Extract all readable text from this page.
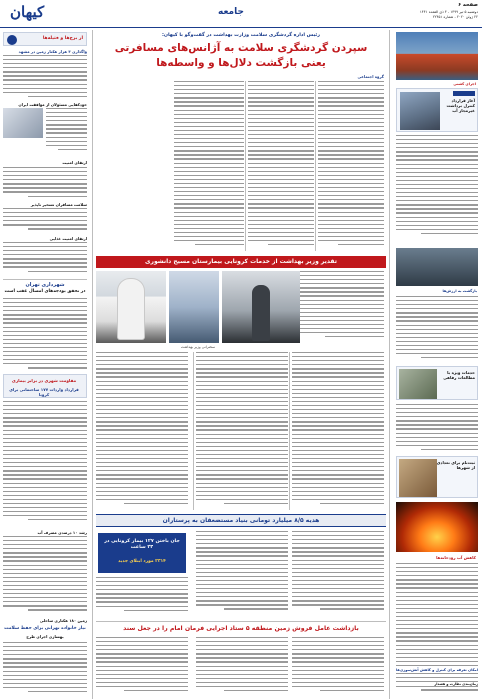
صفحه ۶
دوشنبه ۵ تیر ۱۳۹۹ - ۴ ذی القعده ۱۴۴۱
۲۲ ژوئن ۲۰۲۰ - شماره ۲۲۴۵۱
جامعه
کیهان
اجرای کشتی
آغاز قرارداد کنترل برداشت غیرمجاز آب
بازگشت به ارزش‌ها
خدمات ویژه با مطالعات رفاهی
ثبت‌نام برای تعدادی از شهرها
کاهش آب رودخانه‌ها
از برج‌ها و فتیله‌ها
واگذاری ۳ هزار هکتار زمین در مشهد
خودکفایی مسئولان از موافقت ایران
ارتقای امنیت
سلامت مسافران تسخیر ناپذیر
ارتقای امنیت غذایی
شهرداری تهران
در تحقق بودجه‌های امسال عقب است
مقاومت شهری در برابر بیماری
قرارداد واردات ۱۷۷ ساختمانی برای کرونا
رشد ۱۰ درصدی مصرف آب
زمین ۱۸۰ هکتاری ساحلی
نیاز خانواده تهرانی برای حفظ سلامت
بهسازی اجرای طرح
رئیس اداره گردشگری سلامت وزارت بهداشت در گفت‌وگو با کیهان:
سپردن گردشگری سلامت به آژانس‌های مسافرتی
یعنی بازگشت دلال‌ها و واسطه‌ها
گروه اجتماعی
تقدیر وزیر بهداشت از خدمات کرونایی بیمارستان مسیح دانشوری
سخنرانی وزیر بهداشت
هدیه ۸/۵ میلیارد تومانی بنیاد مستضعفان به پرستاران
جان باختن ۱۲۷ بیمار کرونایی در ۲۴ ساعت
۲۳۱۴ مورد ابتلای جدید
بازداشت عامل فروش زمین منطقه ۵ ستاد اجرایی فرمان امام را در جعل سند
امکان تعرفه برای کنترل و کاهش آتش‌سوزی‌ها
زمان‌بندی نظارت و هشدار
